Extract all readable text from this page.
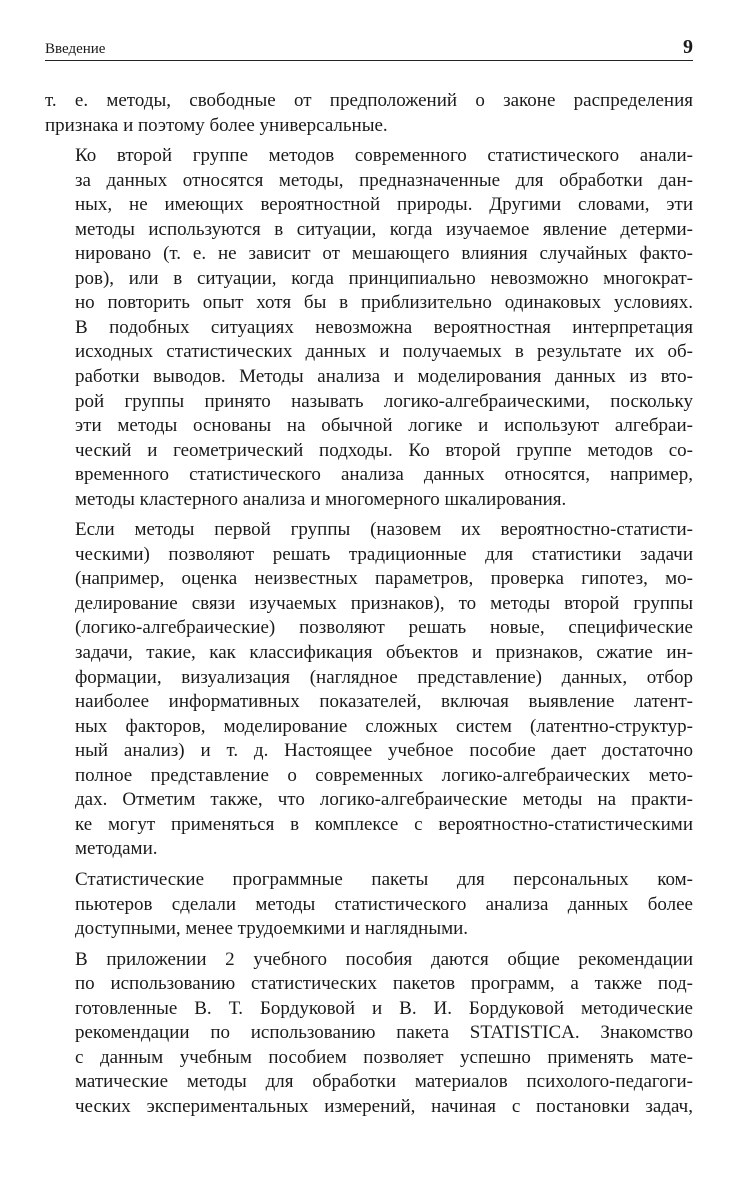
Введение	9
т. е. методы, свободные от предположений о законе распределения
признака и поэтому более универсальные.
Ко второй группе методов современного статистического анали-
за данных относятся методы, предназначенные для обработки дан-
ных, не имеющих вероятностной природы. Другими словами, эти
методы используются в ситуации, когда изучаемое явление детерми-
нировано (т. е. не зависит от мешающего влияния случайных факто-
ров), или в ситуации, когда принципиально невозможно многократ-
но повторить опыт хотя бы в приблизительно одинаковых условиях.
В подобных ситуациях невозможна вероятностная интерпретация
исходных статистических данных и получаемых в результате их об-
работки выводов. Методы анализа и моделирования данных из вто-
рой группы принято называть логико-алгебраическими, поскольку
эти методы основаны на обычной логике и используют алгебраи-
ческий и геометрический подходы. Ко второй группе методов со-
временного статистического анализа данных относятся, например,
методы кластерного анализа и многомерного шкалирования.
Если методы первой группы (назовем их вероятностно-статисти-
ческими) позволяют решать традиционные для статистики задачи
(например, оценка неизвестных параметров, проверка гипотез, мо-
делирование связи изучаемых признаков), то методы второй группы
(логико-алгебраические) позволяют решать новые, специфические
задачи, такие, как классификация объектов и признаков, сжатие ин-
формации, визуализация (наглядное представление) данных, отбор
наиболее информативных показателей, включая выявление латент-
ных факторов, моделирование сложных систем (латентно-структур-
ный анализ) и т. д. Настоящее учебное пособие дает достаточно
полное представление о современных логико-алгебраических мето-
дах. Отметим также, что логико-алгебраические методы на практи-
ке могут применяться в комплексе с вероятностно-статистическими
методами.
Статистические программные пакеты для персональных ком-
пьютеров сделали методы статистического анализа данных более
доступными, менее трудоемкими и наглядными.
В приложении 2 учебного пособия даются общие рекомендации
по использованию статистических пакетов программ, а также под-
готовленные В. Т. Бордуковой и В. И. Бордуковой методические
рекомендации по использованию пакета STATISTICA. Знакомство
с данным учебным пособием позволяет успешно применять мате-
матические методы для обработки материалов психолого-педагоги-
ческих экспериментальных измерений, начиная с постановки задач,
